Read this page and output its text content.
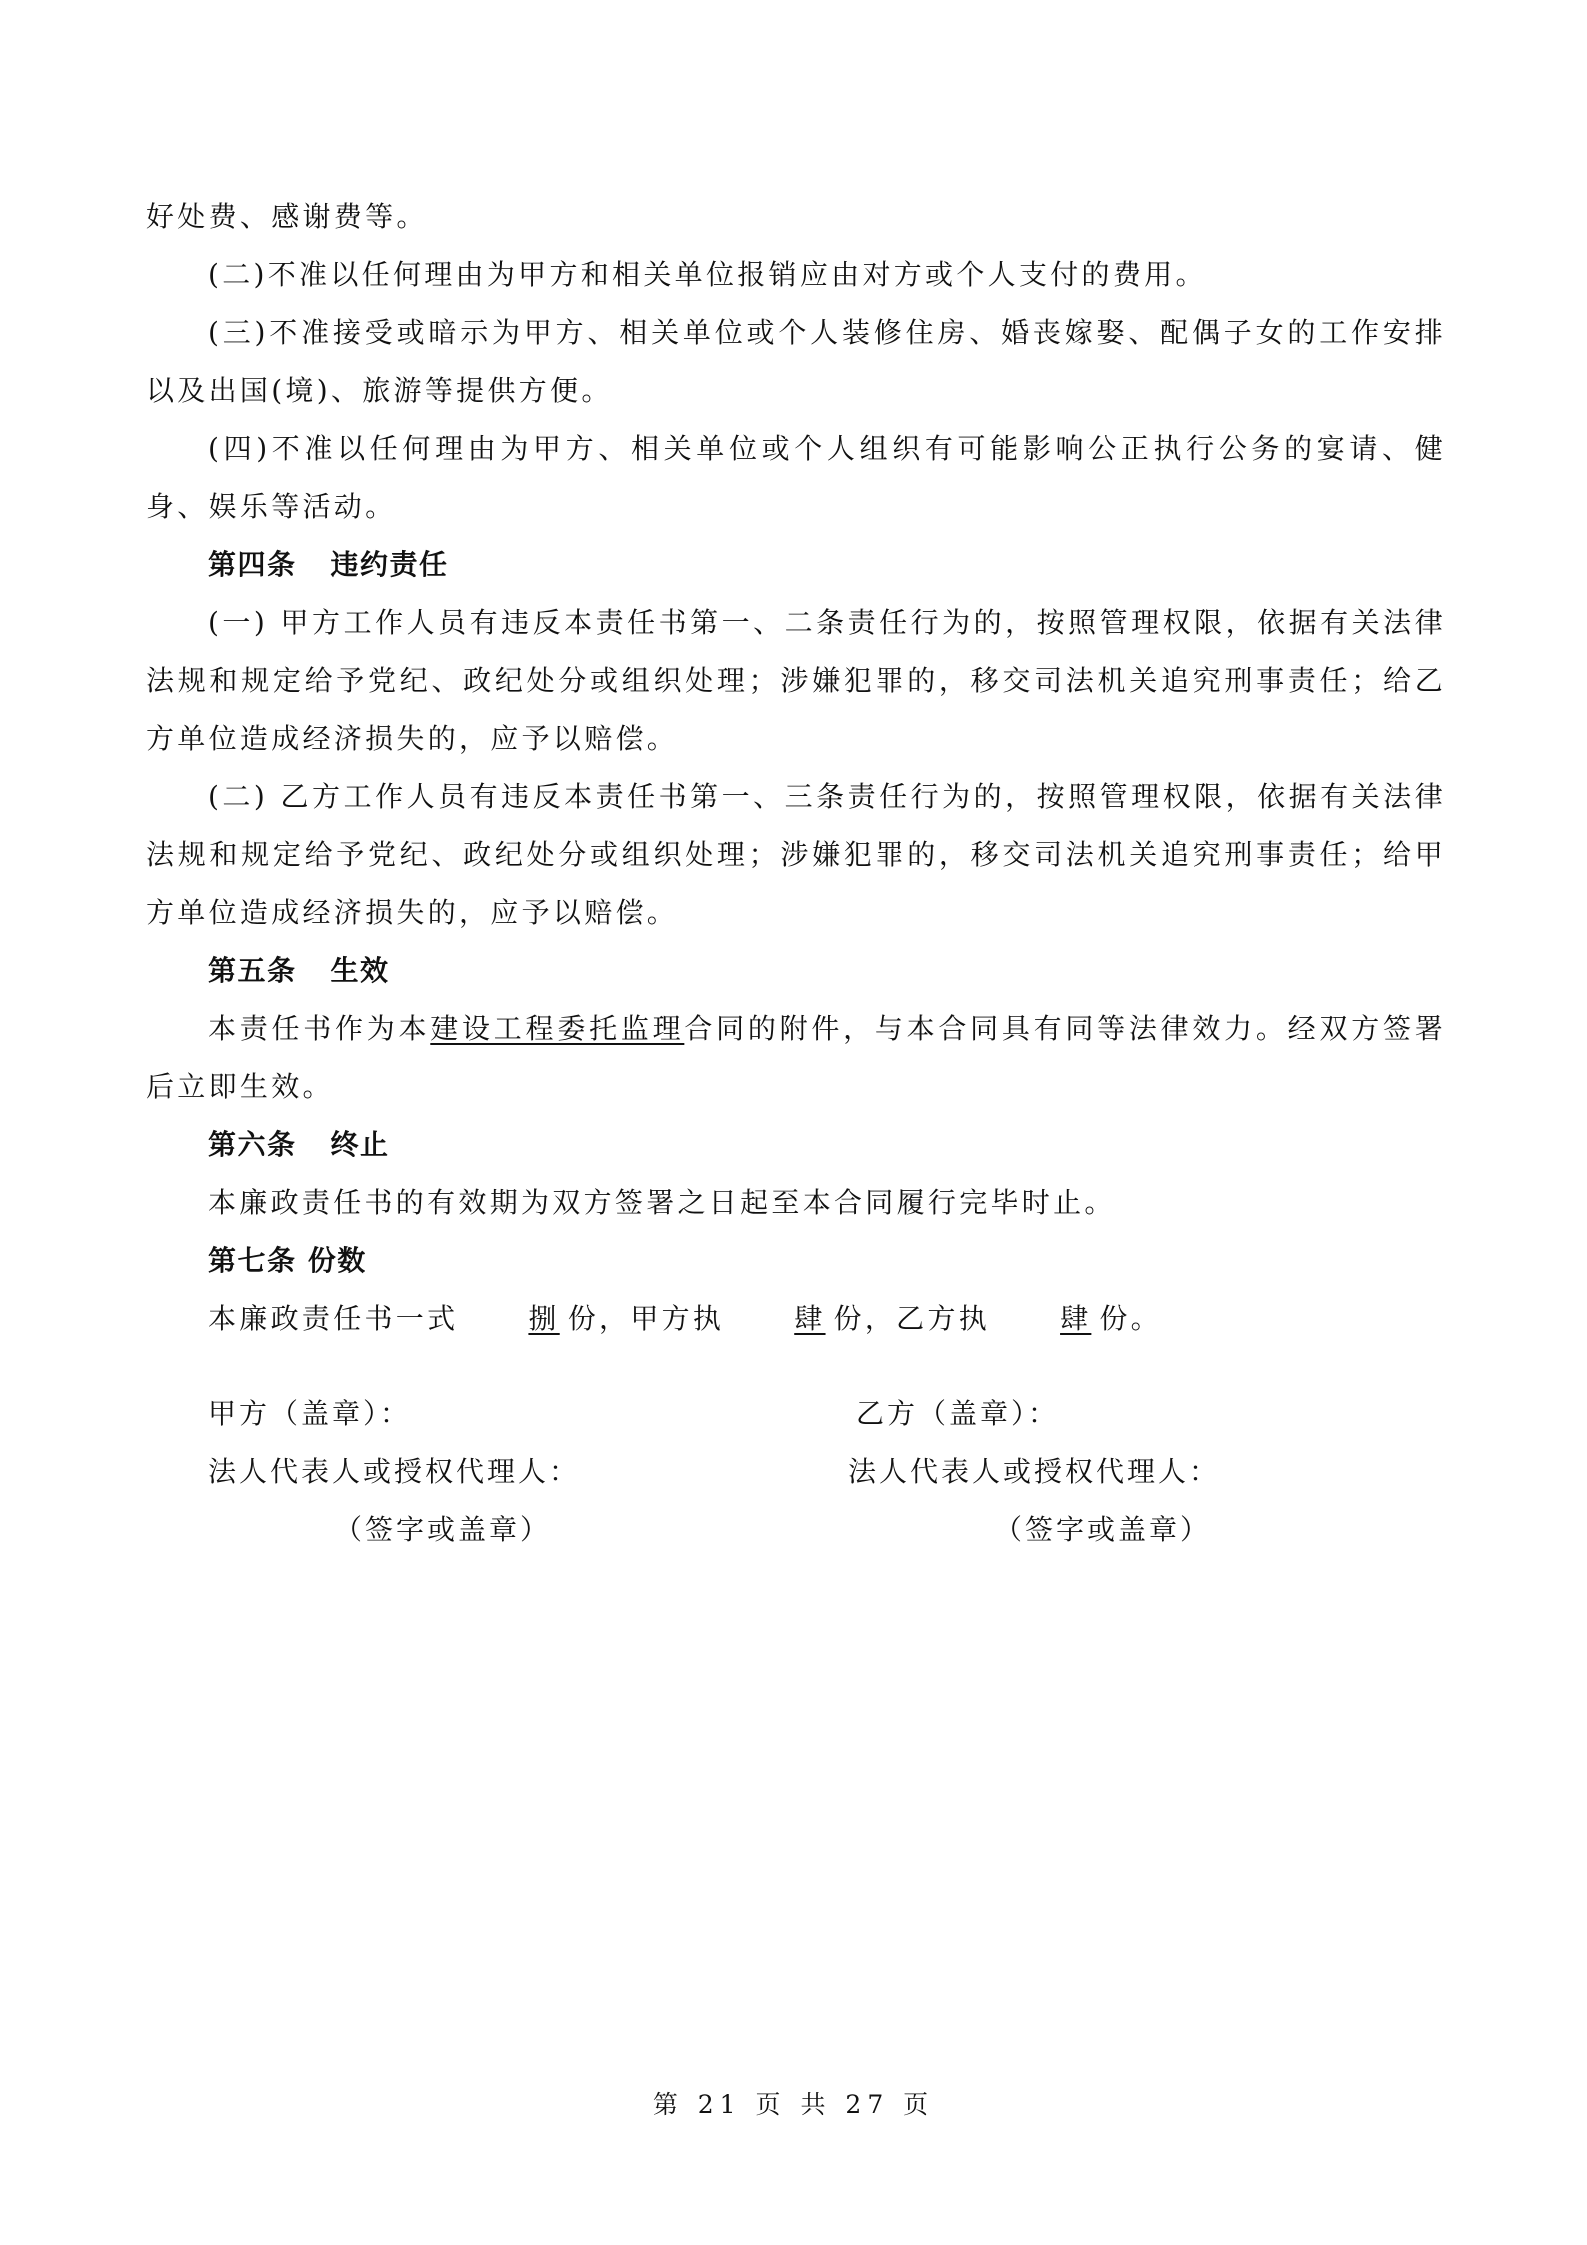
好处费、感谢费等。

(二)不准以任何理由为甲方和相关单位报销应由对方或个人支付的费用。

(三)不准接受或暗示为甲方、相关单位或个人装修住房、婚丧嫁娶、配偶子女的工作安排以及出国(境)、旅游等提供方便。

(四)不准以任何理由为甲方、相关单位或个人组织有可能影响公正执行公务的宴请、健身、娱乐等活动。

第四条 违约责任

(一) 甲方工作人员有违反本责任书第一、二条责任行为的，按照管理权限，依据有关法律法规和规定给予党纪、政纪处分或组织处理；涉嫌犯罪的，移交司法机关追究刑事责任；给乙方单位造成经济损失的，应予以赔偿。

(二) 乙方工作人员有违反本责任书第一、三条责任行为的，按照管理权限，依据有关法律法规和规定给予党纪、政纪处分或组织处理；涉嫌犯罪的，移交司法机关追究刑事责任；给甲方单位造成经济损失的，应予以赔偿。

第五条 生效

本责任书作为本建设工程委托监理合同的附件，与本合同具有同等法律效力。经双方签署后立即生效。

第六条 终止

本廉政责任书的有效期为双方签署之日起至本合同履行完毕时止。

第七条 份数

本廉政责任书一式	捌 份，甲方执	肆 份，乙方执	肆 份。

甲方（盖章）：
法人代表人或授权代理人：
（签字或盖章）
乙方（盖章）：
法人代表人或授权代理人：
（签字或盖章）
第 21 页 共 27 页
